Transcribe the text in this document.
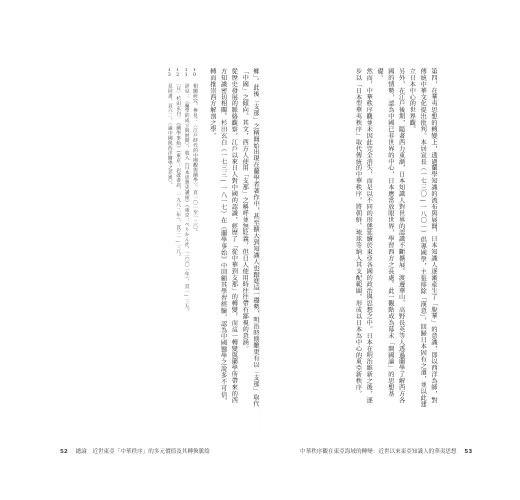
鄉」。此後「支那」之稱開始出現在蘭學者著作中，甚至擴大到知識人也跟進這一趨勢，明治時期雖更有以「支那」取代「中國」之傾向。其文，西方人使用「支那」之稱呼並無貶義，但日人使用時往往帶有鄙視的意涵。
從歷史發展的脈絡觀察，江戶以來日人對中國的認識，經歷了「從中華到支那」的轉變，而這一轉變與蘭學所帶來的西方知識密切相關。杉田玄白（一七三三—一八一七）在《蘭學事始》中回顧其學習經驗，認為中國醫學之說多不可信，轉而推崇西方解剖之學。
10　相關研究，參見：〈江戶時代的中國觀與蘭學〉，頁一〇一至一二〇。
11　詳見：〈蘭學的成立與展開〉，收入《日本思想史講座》（東京：ぺりかん社，二〇〇一年），頁一—三九。
12　〔日〕杉田玄白：《蘭學事始》（東京：岩波書店，一九八二年），頁三一—三八。
13　見同書，頁六二，〈論中國與西洋醫學之差異〉。	第四，在華夷思想的轉變上，透過蘭學知識的流布與展開，日本知識人逐漸產生了「脫華」的意識，即以西洋為師，對傳統中華文化提出批判。本居宣長（一七三〇—一八〇一）倡導國學，主張排除「漢意」，回歸日本固有之道，並以此建立日本中心的世界觀。
另外，在江戶後期，隨著西力東漸，日本知識人對世界的認識不斷擴展。渡邊華山、高野長英等人透過蘭學了解西方各國的情勢，認為中國已非世界的中心，日本應當放眼世界，學習西方之長處。此一觀點成為幕末「開國論」的思想基礎。
然而，中華秩序觀並未因此完全消失，而是以不同的形態延續於東亞各國的政治與思想之中。日本在明治維新之後，逐步以「日本型華夷秩序」取代傳統的中華秩序，將朝鮮、琉球等納入其支配範圍，形成以日本為中心的東亞新秩序。
52 總論　近世東亞「中華秩序」的多元價值及其轉換脈絡	中華秩序觀在東亞海域的轉變：近世以來東亞知識人的華夷思想 53
